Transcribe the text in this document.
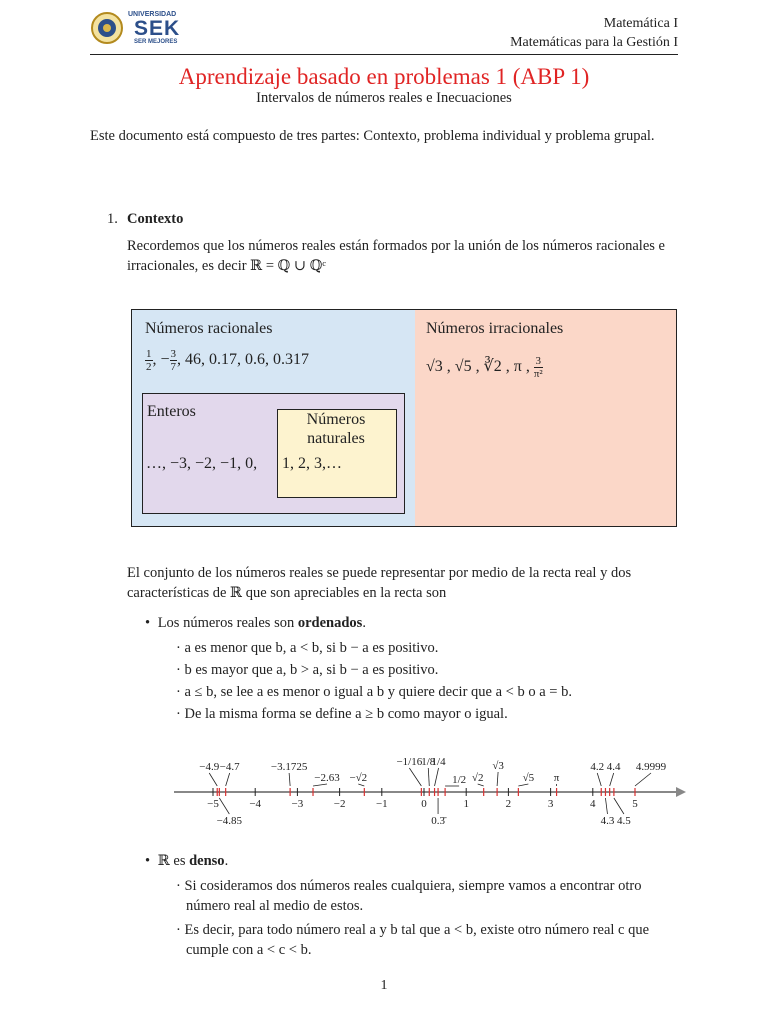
UNIVERSIDAD
SEK
SER MEJORES
Matemática I
Matemáticas para la Gestión I
Aprendizaje basado en problemas 1 (ABP 1)
Intervalos de números reales e Inecuaciones
Este documento está compuesto de tres partes: Contexto, problema individual y problema grupal.
1. Contexto
Recordemos que los números reales están formados por la unión de los números racionales e irracionales, es decir ℝ = ℚ ∪ ℚᶜ
Números racionales
$\frac{1}{2}$ , − $\frac{3}{7}$ , 46, 0.17, 0.6, 0.317
Enteros	Números
naturales
…, −3, −2, −1, 0, 1, 2, 3,…
Números irracionales
√3 , √5 , ∛2 , π , $\frac{3}{\text{π²}}$
El conjunto de los números reales se puede representar por medio de la recta real y dos características de ℝ que son apreciables en la recta son
• Los números reales son ordenados.
· a es menor que b, a < b, si b − a es positivo.
· b es mayor que a, b > a, si b − a es positivo.
· a ≤ b, se lee a es menor o igual a b y quiere decir que a < b o a = b.
· De la misma forma se define a ≥ b como mayor o igual.
−5	−4	−3	−2	−1	0	1	2	3	4	5
−4.9 −4.7	−3.1725
−2.63 −√2
−1/16
1/8
1/4
1/2 √2
√3
√5 π
4.2 4.4 4.9999
−4.85	0.3̄	4.3 4.5
• ℝ es denso.
· Si cosideramos dos números reales cualquiera, siempre vamos a encontrar otro número real al medio de estos.
· Es decir, para todo número real a y b tal que a < b, existe otro número real c que cumple con a < c < b.
1
